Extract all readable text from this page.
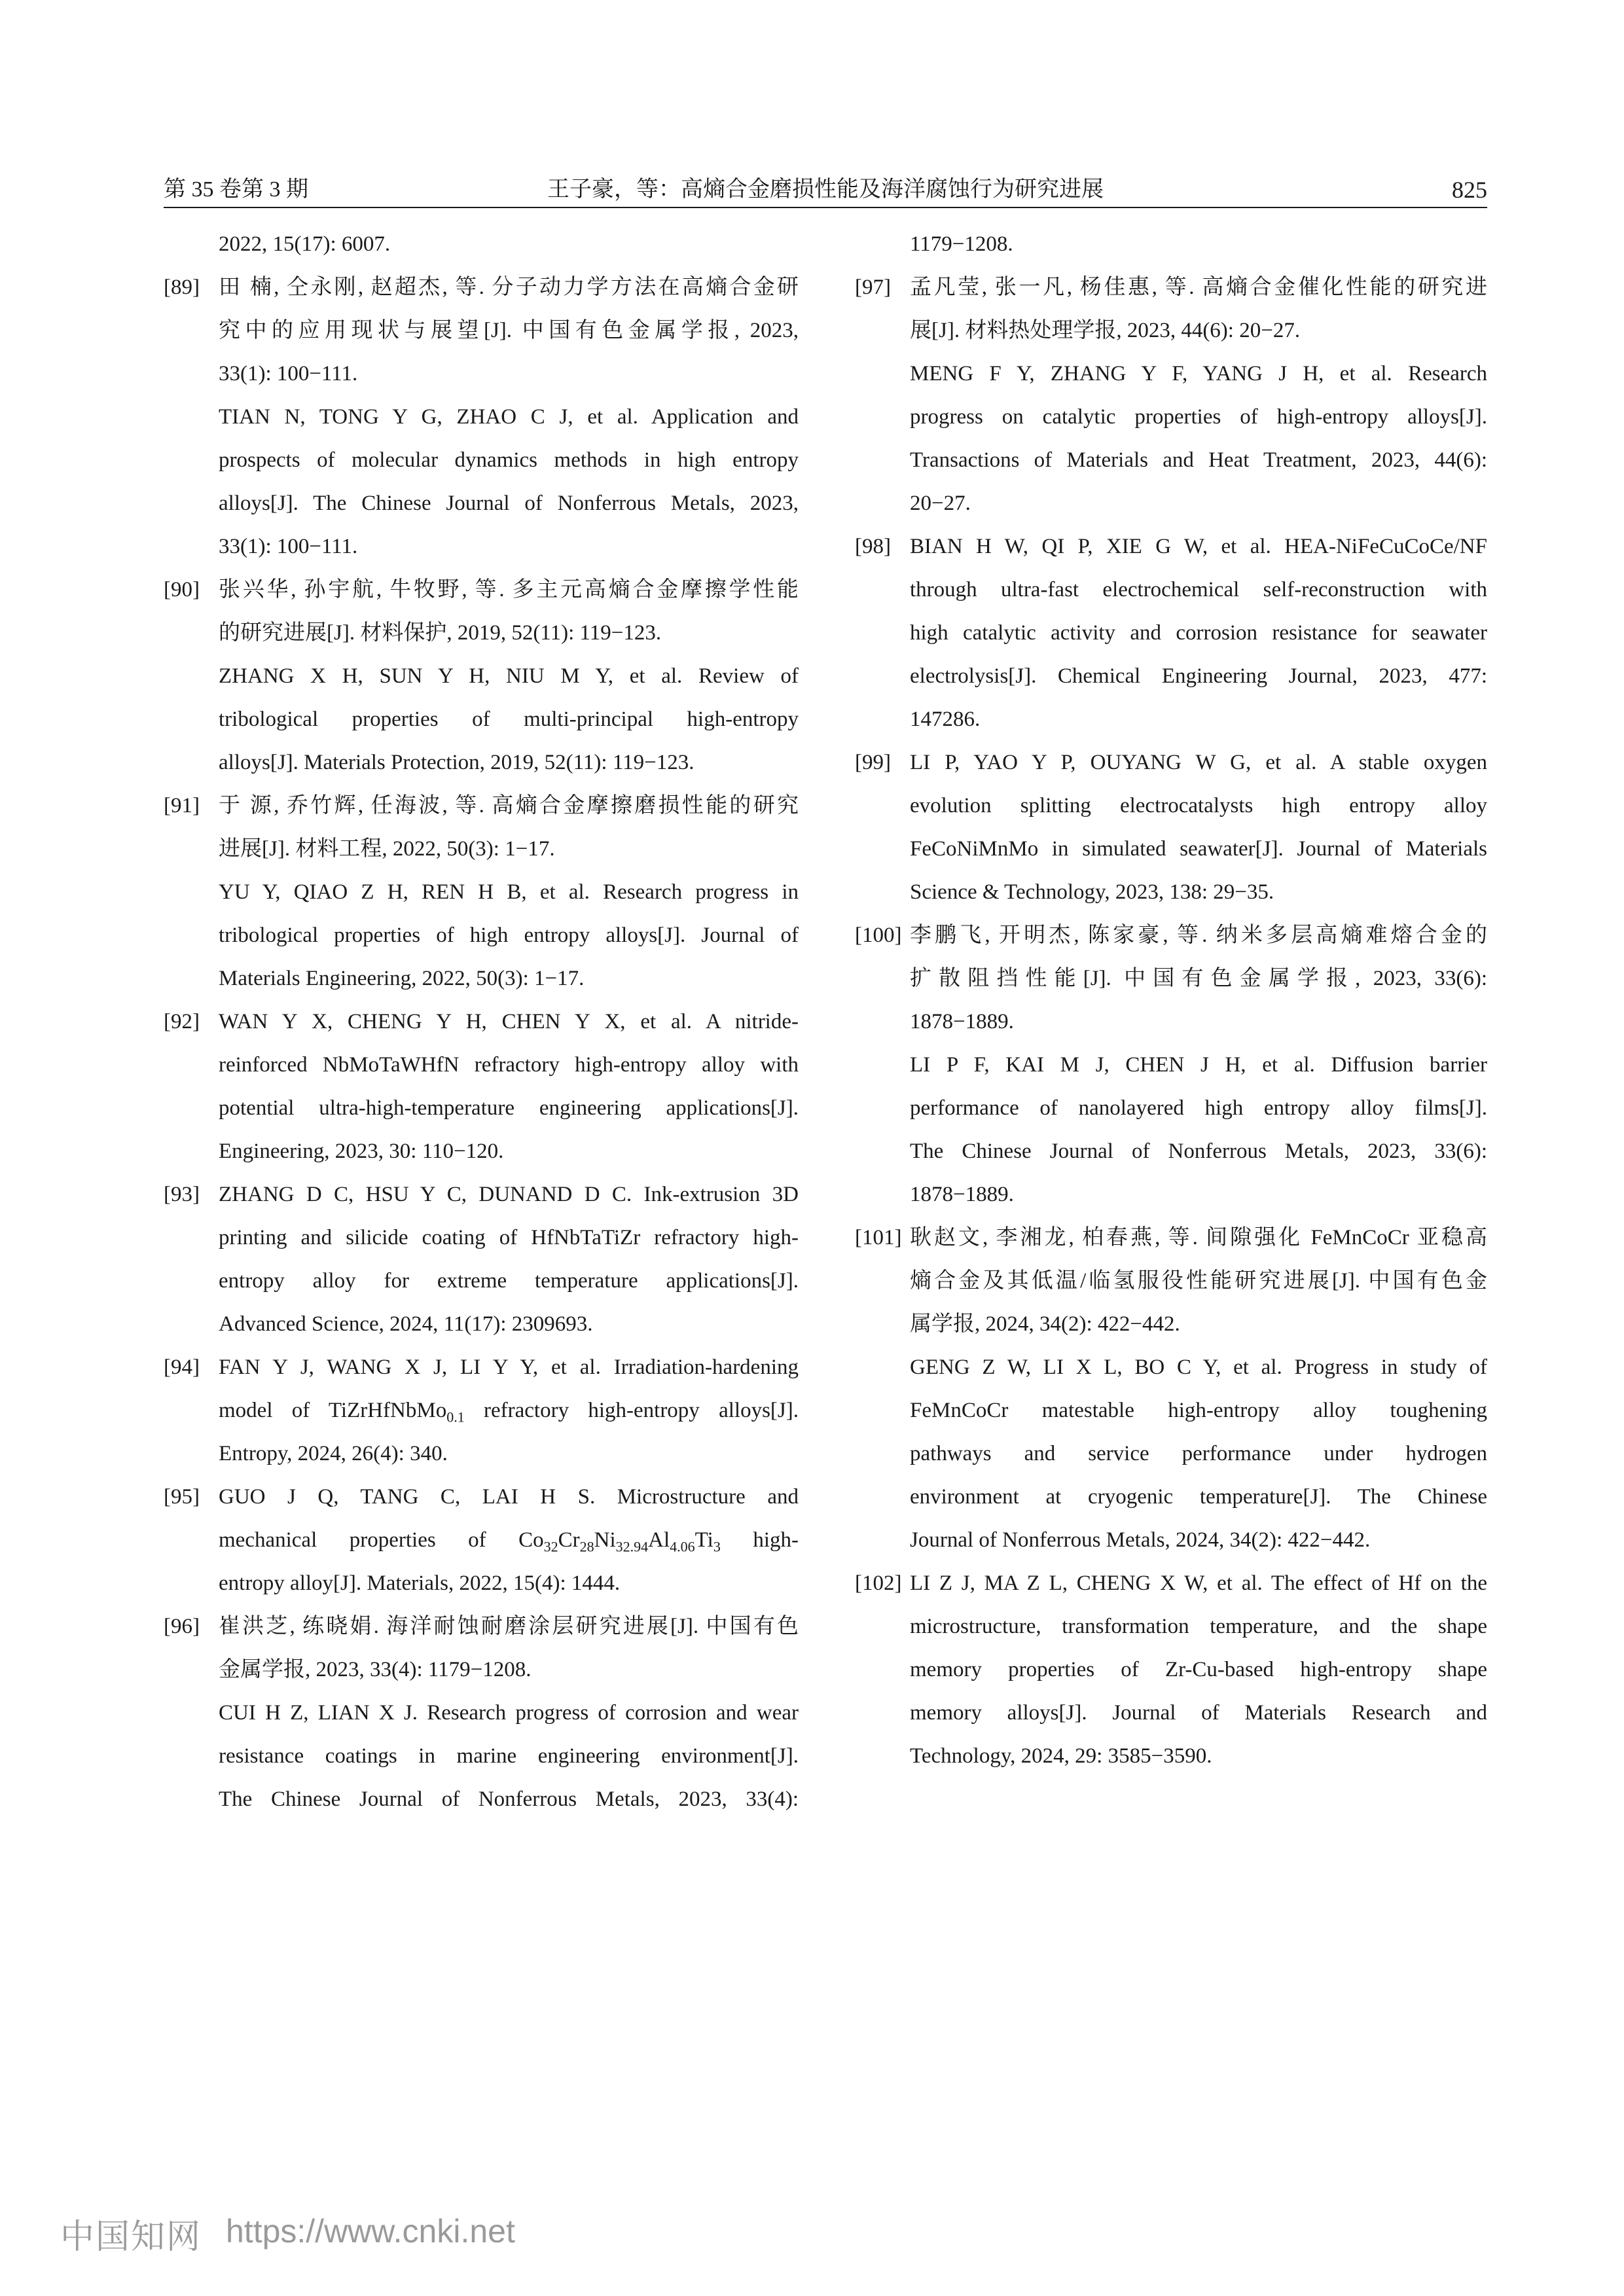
第 35 卷第 3 期	王子豪，等：高熵合金磨损性能及海洋腐蚀行为研究进展	825
2022, 15(17): 6007.
[89] 田 楠, 仝永刚, 赵超杰, 等. 分子动力学方法在高熵合金研
究中的应用现状与展望[J]. 中国有色金属学报, 2023,
33(1): 100−111.
TIAN N, TONG Y G, ZHAO C J, et al. Application and
prospects of molecular dynamics methods in high entropy
alloys[J]. The Chinese Journal of Nonferrous Metals, 2023,
33(1): 100−111.
[90] 张兴华, 孙宇航, 牛牧野, 等. 多主元高熵合金摩擦学性能
的研究进展[J]. 材料保护, 2019, 52(11): 119−123.
ZHANG X H, SUN Y H, NIU M Y, et al. Review of
tribological properties of multi-principal high-entropy
alloys[J]. Materials Protection, 2019, 52(11): 119−123.
[91] 于 源, 乔竹辉, 任海波, 等. 高熵合金摩擦磨损性能的研究
进展[J]. 材料工程, 2022, 50(3): 1−17.
YU Y, QIAO Z H, REN H B, et al. Research progress in
tribological properties of high entropy alloys[J]. Journal of
Materials Engineering, 2022, 50(3): 1−17.
[92] WAN Y X, CHENG Y H, CHEN Y X, et al. A nitride-
reinforced NbMoTaWHfN refractory high-entropy alloy with
potential ultra-high-temperature engineering applications[J].
Engineering, 2023, 30: 110−120.
[93] ZHANG D C, HSU Y C, DUNAND D C. Ink-extrusion 3D
printing and silicide coating of HfNbTaTiZr refractory high-
entropy alloy for extreme temperature applications[J].
Advanced Science, 2024, 11(17): 2309693.
[94] FAN Y J, WANG X J, LI Y Y, et al. Irradiation-hardening
model of TiZrHfNbMo$_{0.1}$ refractory high-entropy alloys[J].
Entropy, 2024, 26(4): 340.
[95] GUO J Q, TANG C, LAI H S. Microstructure and
mechanical properties of $Co_{32}Cr_{28}Ni_{32.94}Al_{4.06}Ti_3$ high-
entropy alloy[J]. Materials, 2022, 15(4): 1444.
[96] 崔洪芝, 练晓娟. 海洋耐蚀耐磨涂层研究进展[J]. 中国有色
金属学报, 2023, 33(4): 1179−1208.
CUI H Z, LIAN X J. Research progress of corrosion and wear
resistance coatings in marine engineering environment[J].
The Chinese Journal of Nonferrous Metals, 2023, 33(4):
1179−1208.
[97] 孟凡莹, 张一凡, 杨佳惠, 等. 高熵合金催化性能的研究进
展[J]. 材料热处理学报, 2023, 44(6): 20−27.
MENG F Y, ZHANG Y F, YANG J H, et al. Research
progress on catalytic properties of high-entropy alloys[J].
Transactions of Materials and Heat Treatment, 2023, 44(6):
20−27.
[98] BIAN H W, QI P, XIE G W, et al. HEA-NiFeCuCoCe/NF
through ultra-fast electrochemical self-reconstruction with
high catalytic activity and corrosion resistance for seawater
electrolysis[J]. Chemical Engineering Journal, 2023, 477:
147286.
[99] LI P, YAO Y P, OUYANG W G, et al. A stable oxygen
evolution splitting electrocatalysts high entropy alloy
FeCoNiMnMo in simulated seawater[J]. Journal of Materials
Science & Technology, 2023, 138: 29−35.
[100] 李鹏飞, 开明杰, 陈家豪, 等. 纳米多层高熵难熔合金的
扩散阻挡性能[J]. 中国有色金属学报, 2023, 33(6):
1878−1889.
LI P F, KAI M J, CHEN J H, et al. Diffusion barrier
performance of nanolayered high entropy alloy films[J].
The Chinese Journal of Nonferrous Metals, 2023, 33(6):
1878−1889.
[101] 耿赵文, 李湘龙, 柏春燕, 等. 间隙强化 FeMnCoCr 亚稳高
熵合金及其低温/临氢服役性能研究进展[J]. 中国有色金
属学报, 2024, 34(2): 422−442.
GENG Z W, LI X L, BO C Y, et al. Progress in study of
FeMnCoCr matestable high-entropy alloy toughening
pathways and service performance under hydrogen
environment at cryogenic temperature[J]. The Chinese
Journal of Nonferrous Metals, 2024, 34(2): 422−442.
[102] LI Z J, MA Z L, CHENG X W, et al. The effect of Hf on the
microstructure, transformation temperature, and the shape
memory properties of Zr-Cu-based high-entropy shape
memory alloys[J]. Journal of Materials Research and
Technology, 2024, 29: 3585−3590.
中国知网 https://www.cnki.net
